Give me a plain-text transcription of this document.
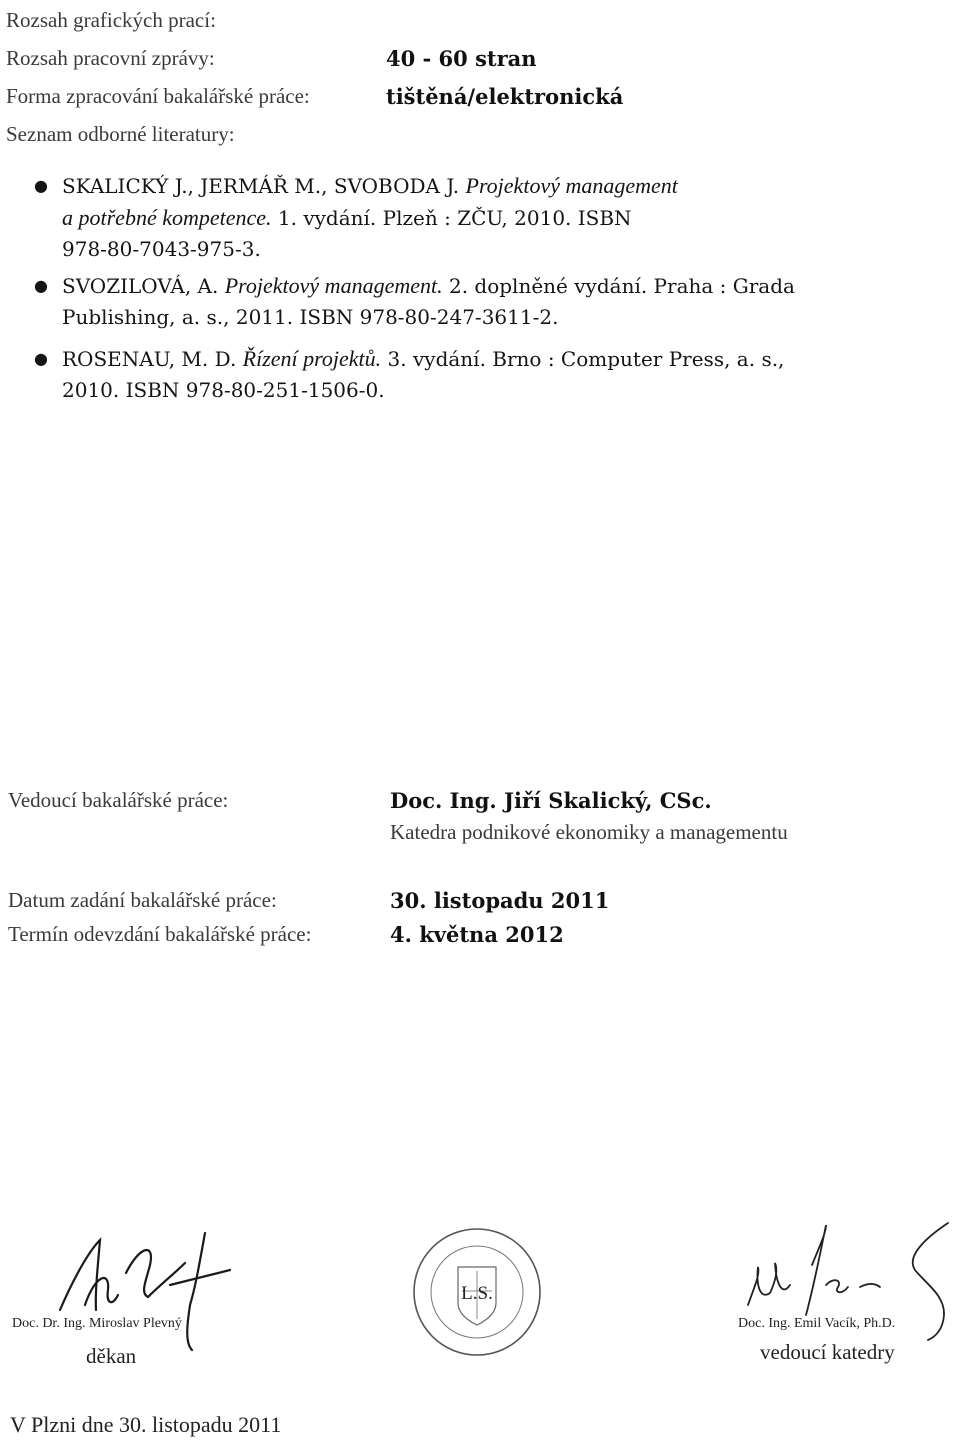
Rozsah grafických prací:
Rozsah pracovní zprávy:	40 - 60 stran
Forma zpracování bakalářské práce:	tištěná/elektronická
Seznam odborné literatury:
● SKALICKÝ J., JERMÁŘ M., SVOBODA J. Projektový management
a potřebné kompetence. 1. vydání. Plzeň : ZČU, 2010. ISBN
978-80-7043-975-3.
● SVOZILOVÁ, A. Projektový management. 2. doplněné vydání. Praha : Grada
Publishing, a. s., 2011. ISBN 978-80-247-3611-2.
● ROSENAU, M. D. Řízení projektů. 3. vydání. Brno : Computer Press, a. s.,
2010. ISBN 978-80-251-1506-0.
Vedoucí bakalářské práce:	Doc. Ing. Jiří Skalický, CSc.
Katedra podnikové ekonomiky a managementu
Datum zadání bakalářské práce:	30. listopadu 2011
Termín odevzdání bakalářské práce:	4. května 2012
L.S.
Doc. Dr. Ing. Miroslav Plevný
děkan
Doc. Ing. Emil Vacík, Ph.D.
vedoucí katedry
V Plzni dne 30. listopadu 2011
